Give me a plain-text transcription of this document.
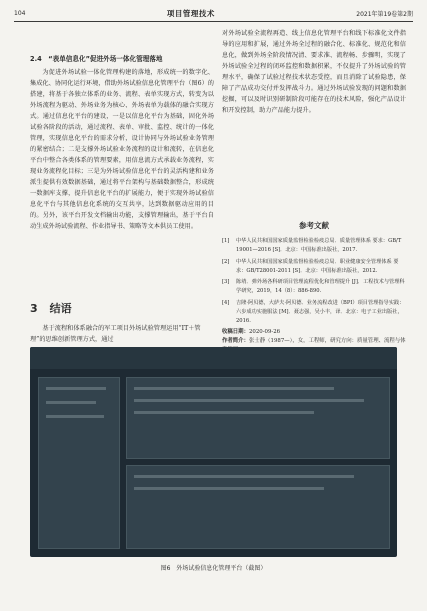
104	项目管理技术	2021年第19卷第2期
2.4　“表单信息化”促进外场一体化管理落地

为促进外场试验一体化管理构建的落地，形成统一的数字化、集成化、协同化运行环境，借助外场试验信息化管理平台（图6）的搭建，将基于各独立体系的业务、流程、表单实现方式，转变为以外场流程为驱动、外场业务为核心、外场表单为载体的融合实现方式。通过信息化平台的建设，一是以信息化平台为基础，固化外场试验各阶段的活动，通过流程、表单、审批、监控、统计的一体化管理，实现信息化平台的需求分析，设计协同与外场试验业务管理的紧密结合；二是支撑外场试验业务流程的设计和流转，在信息化平台中整合各类体系的管理要素，用信息流方式承载业务流程，实现业务流程化目标；三是为外场试验信息化平台的灵活构建和业务派生提供有效数据基础，通过将平台架构与基础数据整合，形成统一数据库支撑，提升信息化平台的扩展能力，便于实现外场试验信息化平台与其他信息化系统的交互共享，达到数据驱动应用的目的。另外，该平台开发文档输出功能，支撑管理输出，基于平台自动生成外场试验流程、作业指导书、策略等文本供员工使用。

对外场试验全流程再造、线上信息化管理平台和线下标准化文件指导的应用和扩展，通过外场全过程的融合化、标准化、规范化和信息化，做到外场全阶段情况清、要求准、流程畅、步骤明，实现了外场试验全过程的闭环监控和数据积累，不仅提升了外场试验的管理水平，确保了试验过程技术状态受控，而且消除了试验隐患，保障了产品成功交付并发挥战斗力。通过外场试验发现的问题和数据挖掘，可以及时识别研制阶段可能存在的技术风险，强化产品设计和开发控制，助力产品能力提升。

3 结语

基于流程和体系融合的军工项目外场试验管理运用“IT＋管理”的思维创新管理方式，通过

参考文献
[1]	中华人民共和国国家质量监督检验检疫总局．质量管理体系 要求：GB/T 19001—2016 [S]．北京：中国标准出版社，2017.
[2]	中华人民共和国国家质量监督检验检疫总局．职业健康安全管理体系 要求：GB/T28001-2011 [S]．北京：中国标准出版社，2012.
[3]	陈靖．弹外场各科研项目管理流程优化和管理提升 [J]．工程技术与管理科学研究，2019，14（8）：886-890.
[4]	吉隆·阿贝德，大萨夫·阿贝德．业务流程改进（BPI）项目管理指导实践：六步成功实施服法 [M]．聂志强，吴小丰，译．北京：电子工业出版社，2016.
收稿日期：2020-09-26
作者简介：张士静（1987—），女，工程师，研究方向：质量管理、流程与体
图6　外场试验信息化管理平台（截图）
